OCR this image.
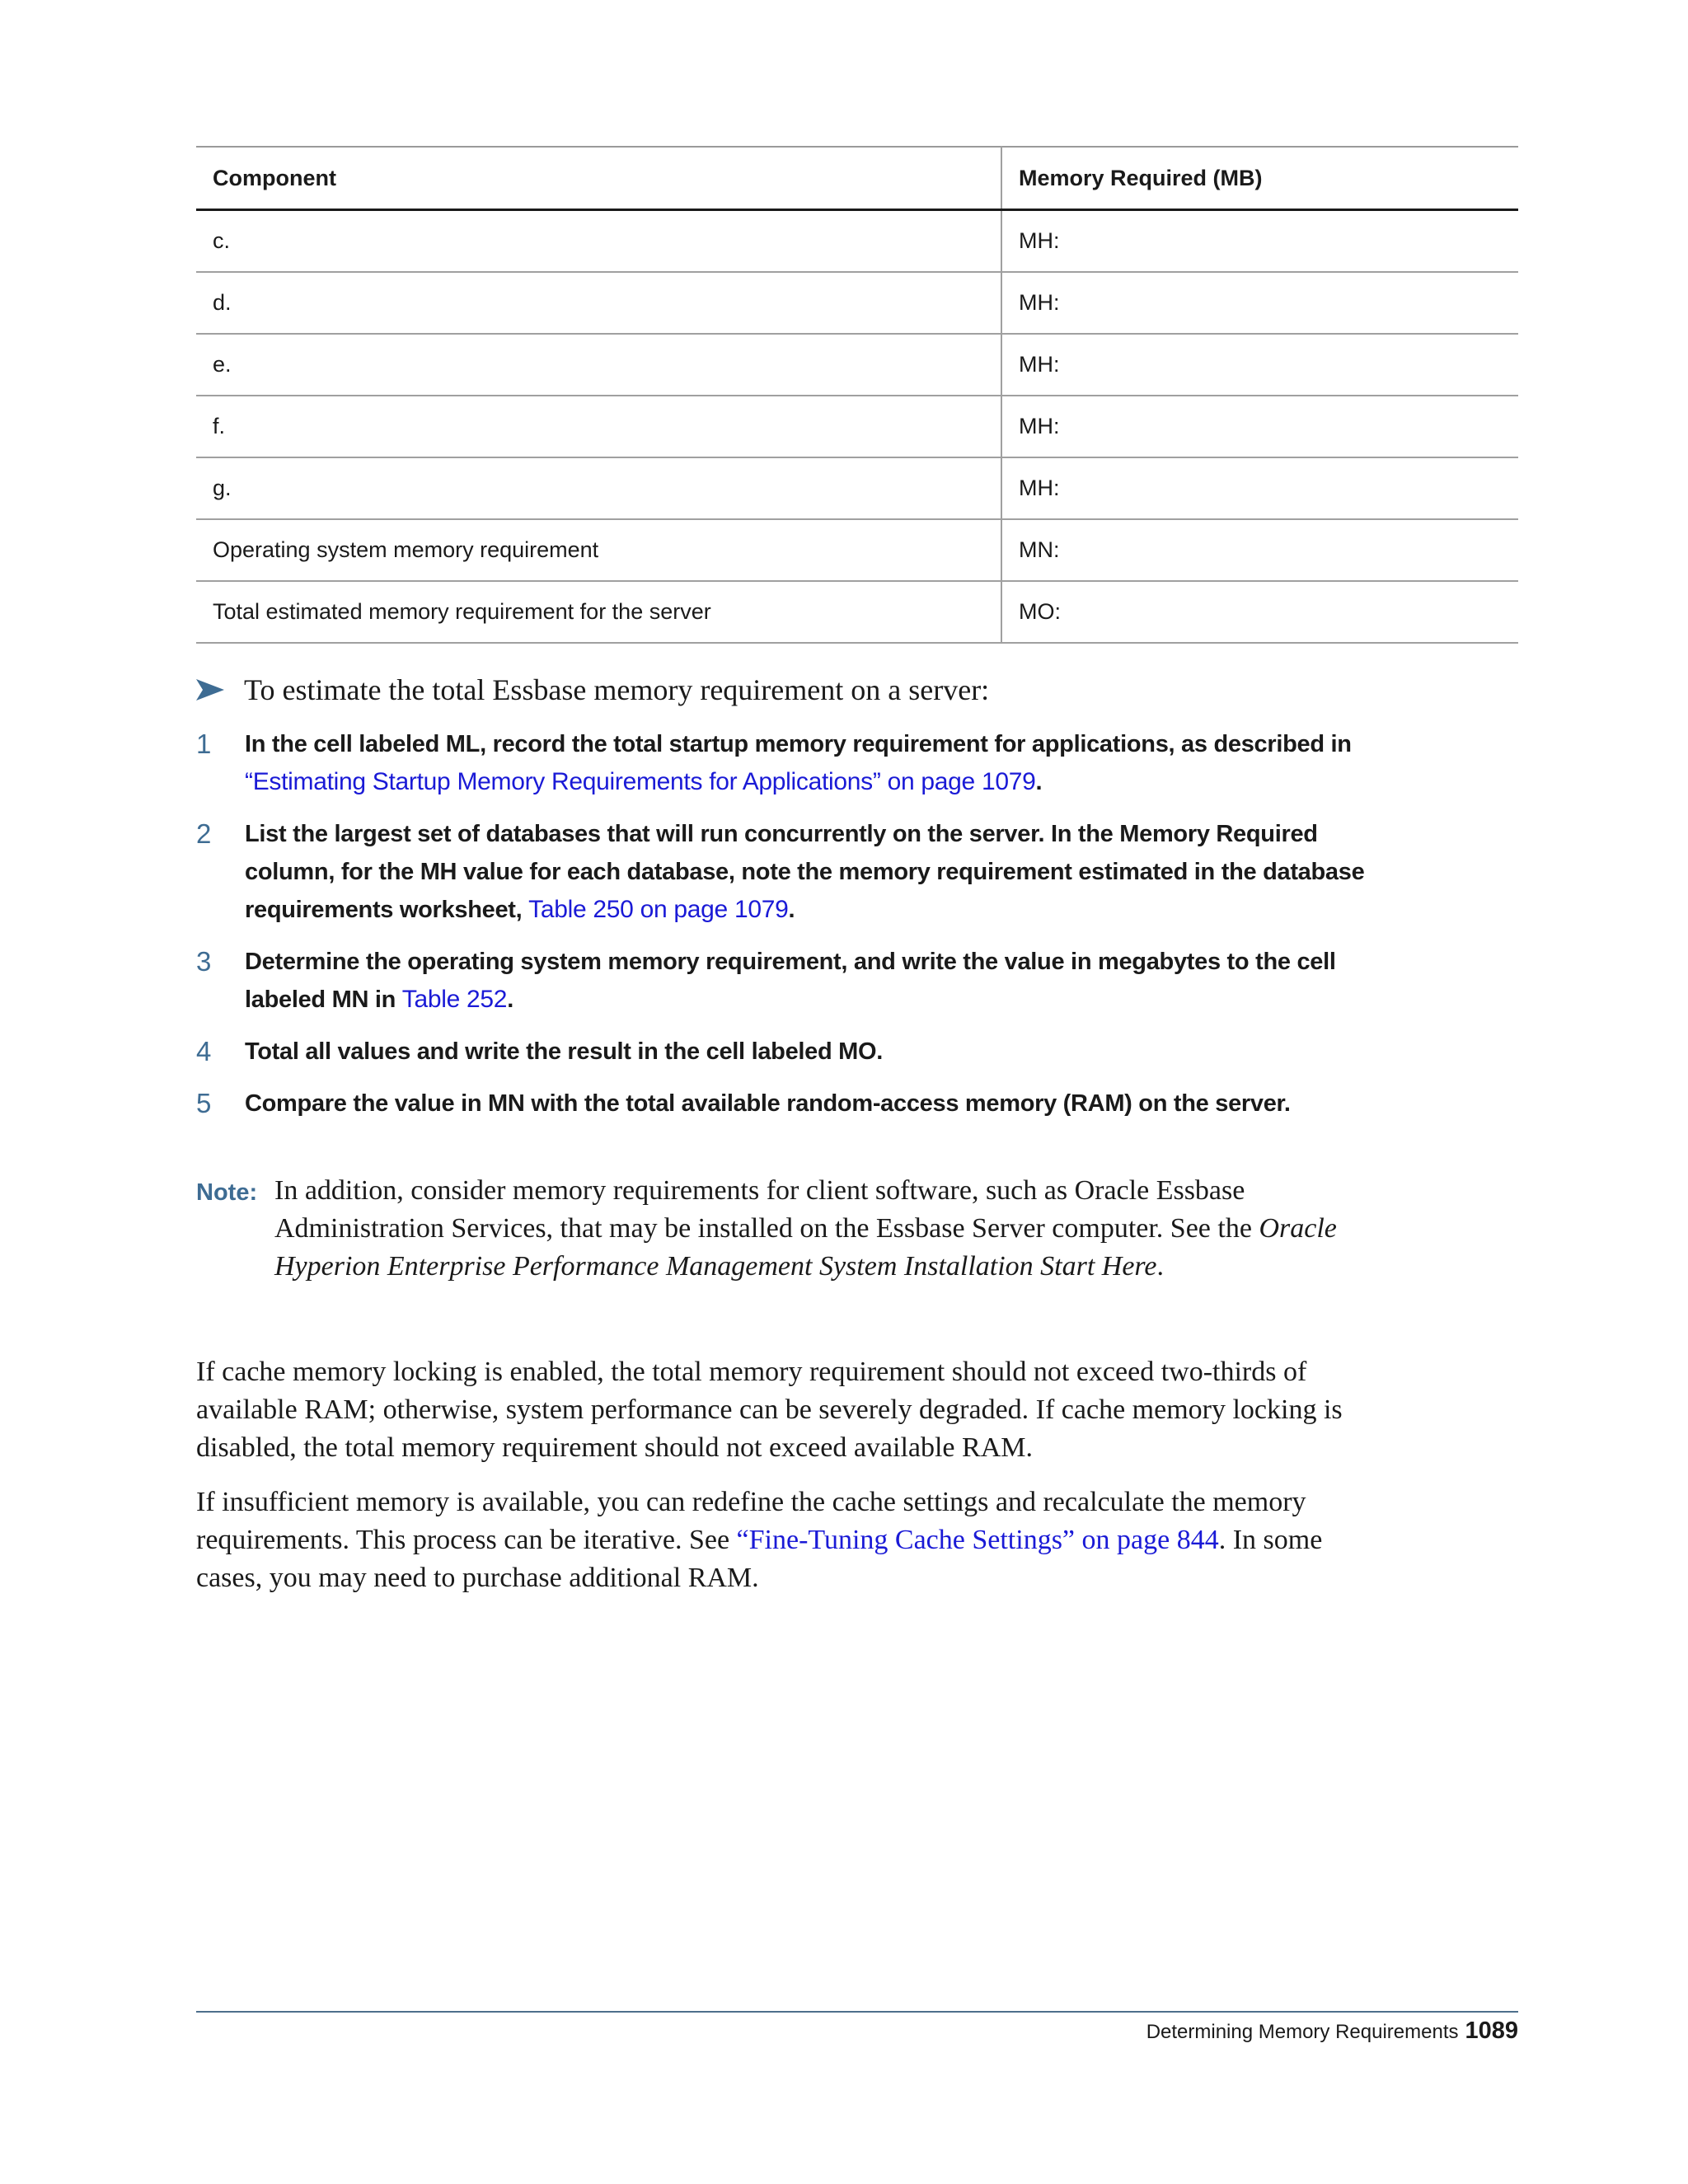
Component	Memory Required (MB)
c.	MH:
d.	MH:
e.	MH:
f.	MH:
g.	MH:
Operating system memory requirement	MN:
Total estimated memory requirement for the server	MO:
To estimate the total Essbase memory requirement on a server:
1	In the cell labeled ML, record the total startup memory requirement for applications, as described in “Estimating Startup Memory Requirements for Applications” on page 1079.
2	List the largest set of databases that will run concurrently on the server. In the Memory Required column, for the MH value for each database, note the memory requirement estimated in the database requirements worksheet, Table 250 on page 1079.
3	Determine the operating system memory requirement, and write the value in megabytes to the cell labeled MN in Table 252.
4	Total all values and write the result in the cell labeled MO.
5	Compare the value in MN with the total available random-access memory (RAM) on the server.
Note: In addition, consider memory requirements for client software, such as Oracle Essbase Administration Services, that may be installed on the Essbase Server computer. See the Oracle Hyperion Enterprise Performance Management System Installation Start Here.

If cache memory locking is enabled, the total memory requirement should not exceed two-thirds of available RAM; otherwise, system performance can be severely degraded. If cache memory locking is disabled, the total memory requirement should not exceed available RAM.

If insufficient memory is available, you can redefine the cache settings and recalculate the memory requirements. This process can be iterative. See “Fine-Tuning Cache Settings” on page 844. In some cases, you may need to purchase additional RAM.

Determining Memory Requirements 1089
